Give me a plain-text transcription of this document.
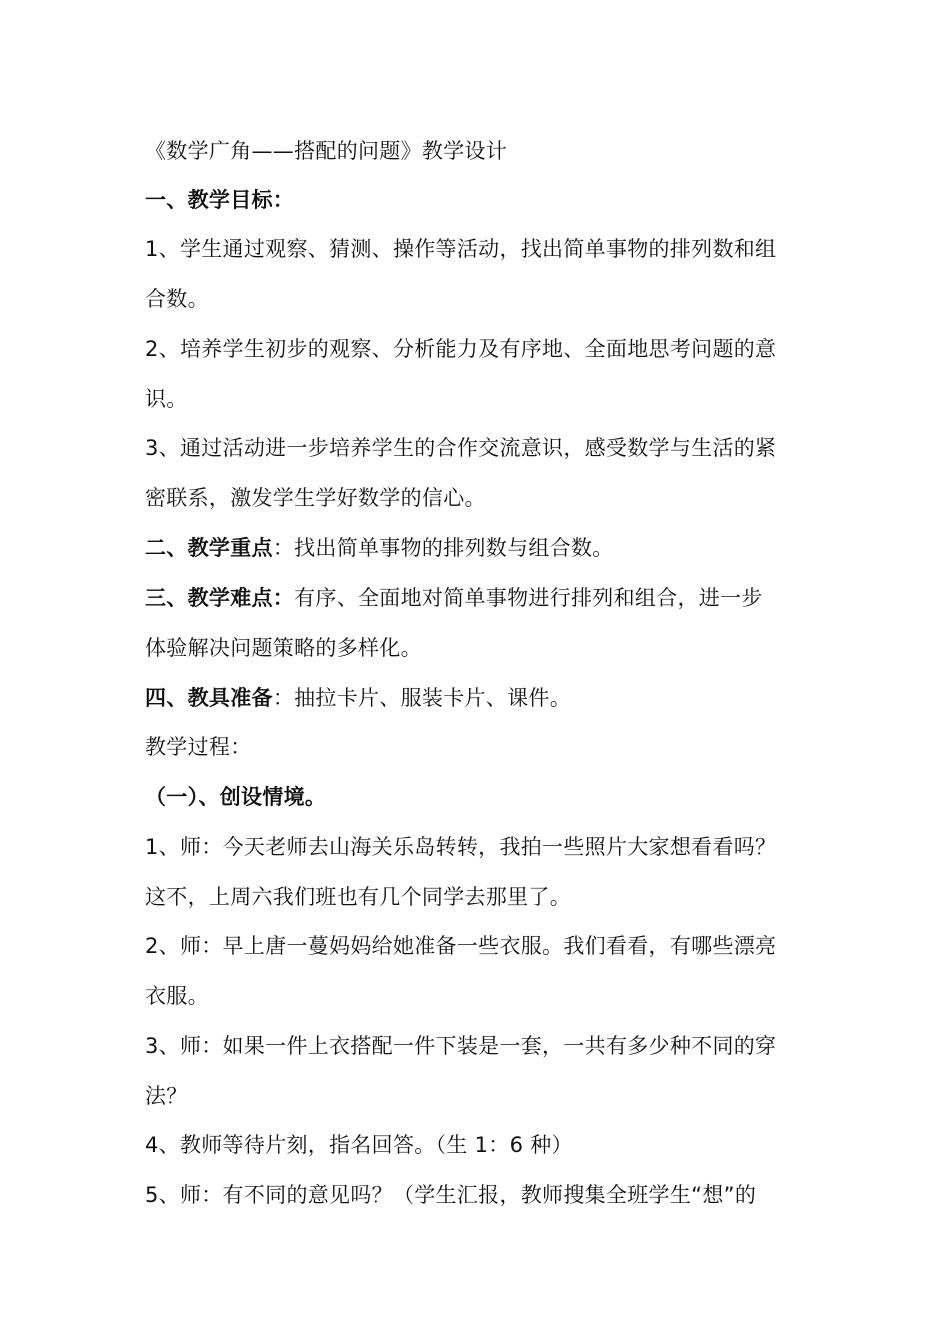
《数学广角——搭配的问题》教学设计
一、教学目标：
1、学生通过观察、猜测、操作等活动，找出简单事物的排列数和组
合数。
2、培养学生初步的观察、分析能力及有序地、全面地思考问题的意
识。
3、通过活动进一步培养学生的合作交流意识，感受数学与生活的紧
密联系，激发学生学好数学的信心。
二、教学重点：找出简单事物的排列数与组合数。
三、教学难点：有序、全面地对简单事物进行排列和组合，进一步
体验解决问题策略的多样化。
四、教具准备：抽拉卡片、服装卡片、课件。
教学过程：
（一）、创设情境。
1、师：今天老师去山海关乐岛转转，我拍一些照片大家想看看吗？
这不，上周六我们班也有几个同学去那里了。
2、师：早上唐一蔓妈妈给她准备一些衣服。我们看看，有哪些漂亮
衣服。
3、师：如果一件上衣搭配一件下装是一套，一共有多少种不同的穿
法？
4、教师等待片刻，指名回答。（生 1：6 种）
5、师：有不同的意见吗？（学生汇报，教师搜集全班学生“想”的
